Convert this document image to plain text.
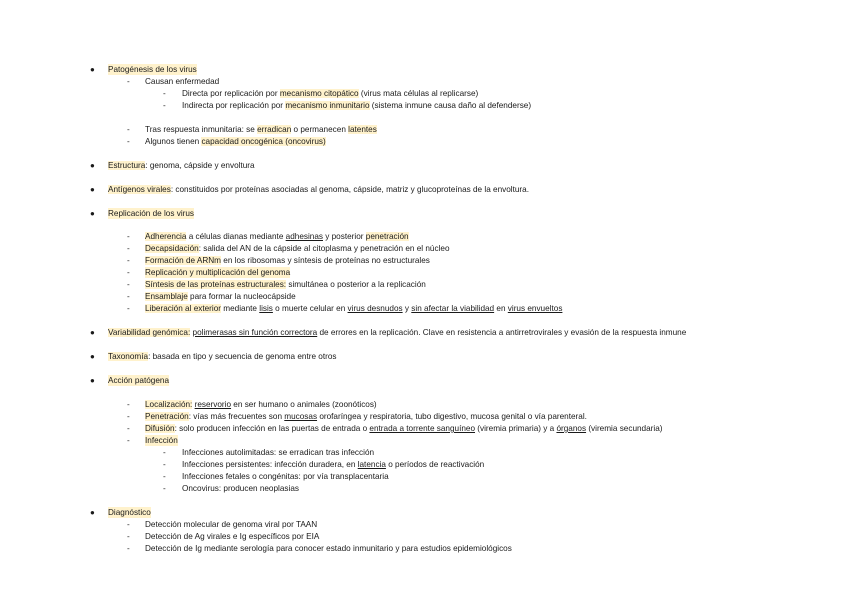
● Patogénesis de los virus
- Causan enfermedad
- Directa por replicación por mecanismo citopático (virus mata células al replicarse)
- Indirecta por replicación por mecanismo inmunitario (sistema inmune causa daño al defenderse)
- Tras respuesta inmunitaria: se erradican o permanecen latentes
- Algunos tienen capacidad oncogénica (oncovirus)
● Estructura: genoma, cápside y envoltura
● Antígenos virales: constituidos por proteínas asociadas al genoma, cápside, matriz y glucoproteínas de la envoltura.
● Replicación de los virus
- Adherencia a células dianas mediante adhesinas y posterior penetración
- Decapsidación: salida del AN de la cápside al citoplasma y penetración en el núcleo
- Formación de ARNm en los ribosomas y síntesis de proteínas no estructurales
- Replicación y multiplicación del genoma
- Síntesis de las proteínas estructurales: simultánea o posterior a la replicación
- Ensamblaje para formar la nucleocápside
- Liberación al exterior mediante lisis o muerte celular en virus desnudos y sin afectar la viabilidad en virus envueltos
● Variabilidad genómica: polimerasas sin función correctora de errores en la replicación. Clave en resistencia a antirretrovirales y evasión de la respuesta inmune
● Taxonomía: basada en tipo y secuencia de genoma entre otros
● Acción patógena
- Localización: reservorio en ser humano o animales (zoonóticos)
- Penetración: vías más frecuentes son mucosas orofaríngea y respiratoria, tubo digestivo, mucosa genital o vía parenteral.
- Difusión: solo producen infección en las puertas de entrada o entrada a torrente sanguíneo (viremia primaria) y a órganos (viremia secundaria)
- Infección
- Infecciones autolimitadas: se erradican tras infección
- Infecciones persistentes: infección duradera, en latencia o períodos de reactivación
- Infecciones fetales o congénitas: por vía transplacentaria
- Oncovirus: producen neoplasias
● Diagnóstico
- Detección molecular de genoma viral por TAAN
- Detección de Ag virales e Ig específicos por EIA
- Detección de Ig mediante serología para conocer estado inmunitario y para estudios epidemiológicos
